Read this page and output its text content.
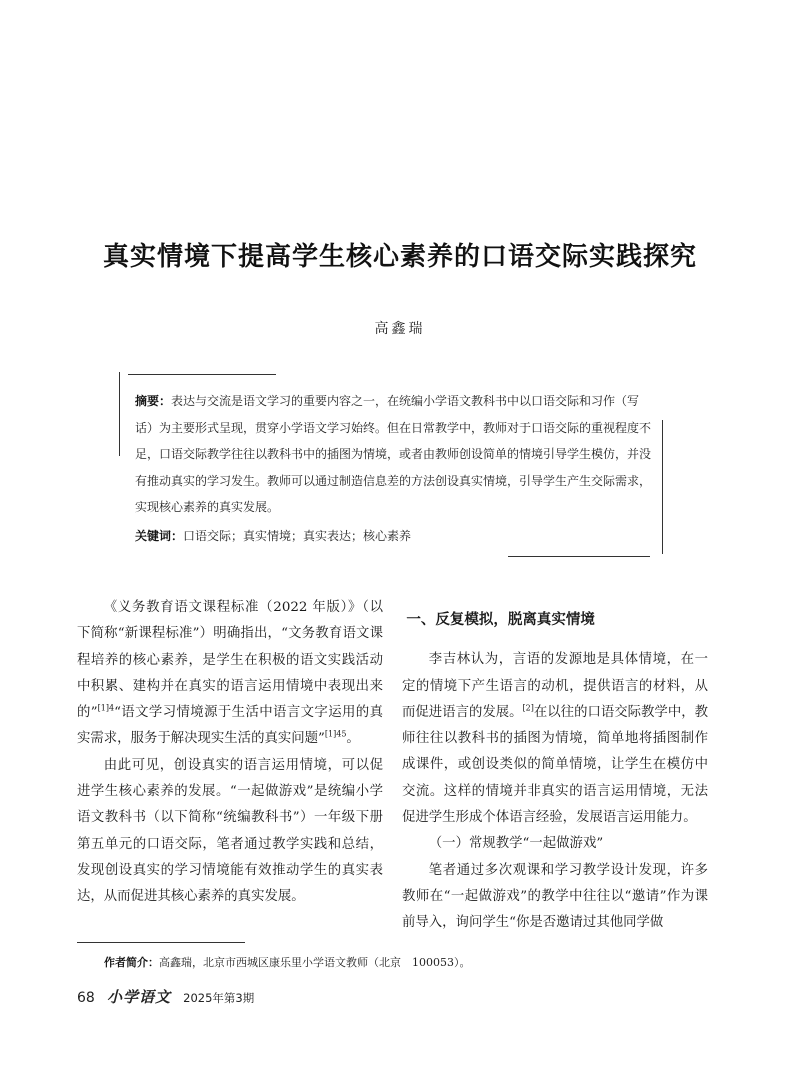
真实情境下提高学生核心素养的口语交际实践探究
高鑫瑞

摘要：表达与交流是语文学习的重要内容之一，在统编小学语文教科书中以口语交际和习作（写话）为主要形式呈现，贯穿小学语文学习始终。但在日常教学中，教师对于口语交际的重视程度不足，口语交际教学往往以教科书中的插图为情境，或者由教师创设简单的情境引导学生模仿，并没有推动真实的学习发生。教师可以通过制造信息差的方法创设真实情境，引导学生产生交际需求，实现核心素养的真实发展。

关键词：口语交际；真实情境；真实表达；核心素养

《义务教育语文课程标准（2022 年版）》（以下简称“新课程标准”）明确指出，“文务教育语文课程培养的核心素养，是学生在积极的语文实践活动中积累、建构并在真实的语言运用情境中表现出来的”$^{[1]4}$“语文学习情境源于生活中语言文字运用的真实需求，服务于解决现实生活的真实问题”$^{[1]45}$。

由此可见，创设真实的语言运用情境，可以促进学生核心素养的发展。“一起做游戏”是统编小学语文教科书（以下简称“统编教科书”）一年级下册第五单元的口语交际，笔者通过教学实践和总结，发现创设真实的学习情境能有效推动学生的真实表达，从而促进其核心素养的真实发展。

一、反复模拟，脱离真实情境

李吉林认为，言语的发源地是具体情境，在一定的情境下产生语言的动机，提供语言的材料，从而促进语言的发展。[2]在以往的口语交际教学中，教师往往以教科书的插图为情境，简单地将插图制作成课件，或创设类似的简单情境，让学生在模仿中交流。这样的情境并非真实的语言运用情境，无法促进学生形成个体语言经验，发展语言运用能力。

（一）常规教学“一起做游戏”

笔者通过多次观课和学习教学设计发现，许多教师在“一起做游戏”的教学中往往以“邀请”作为课前导入，询问学生“你是否邀请过其他同学做

作者简介：高鑫瑞，北京市西城区康乐里小学语文教师（北京　100053）。
68 小学语文 2025年第3期
